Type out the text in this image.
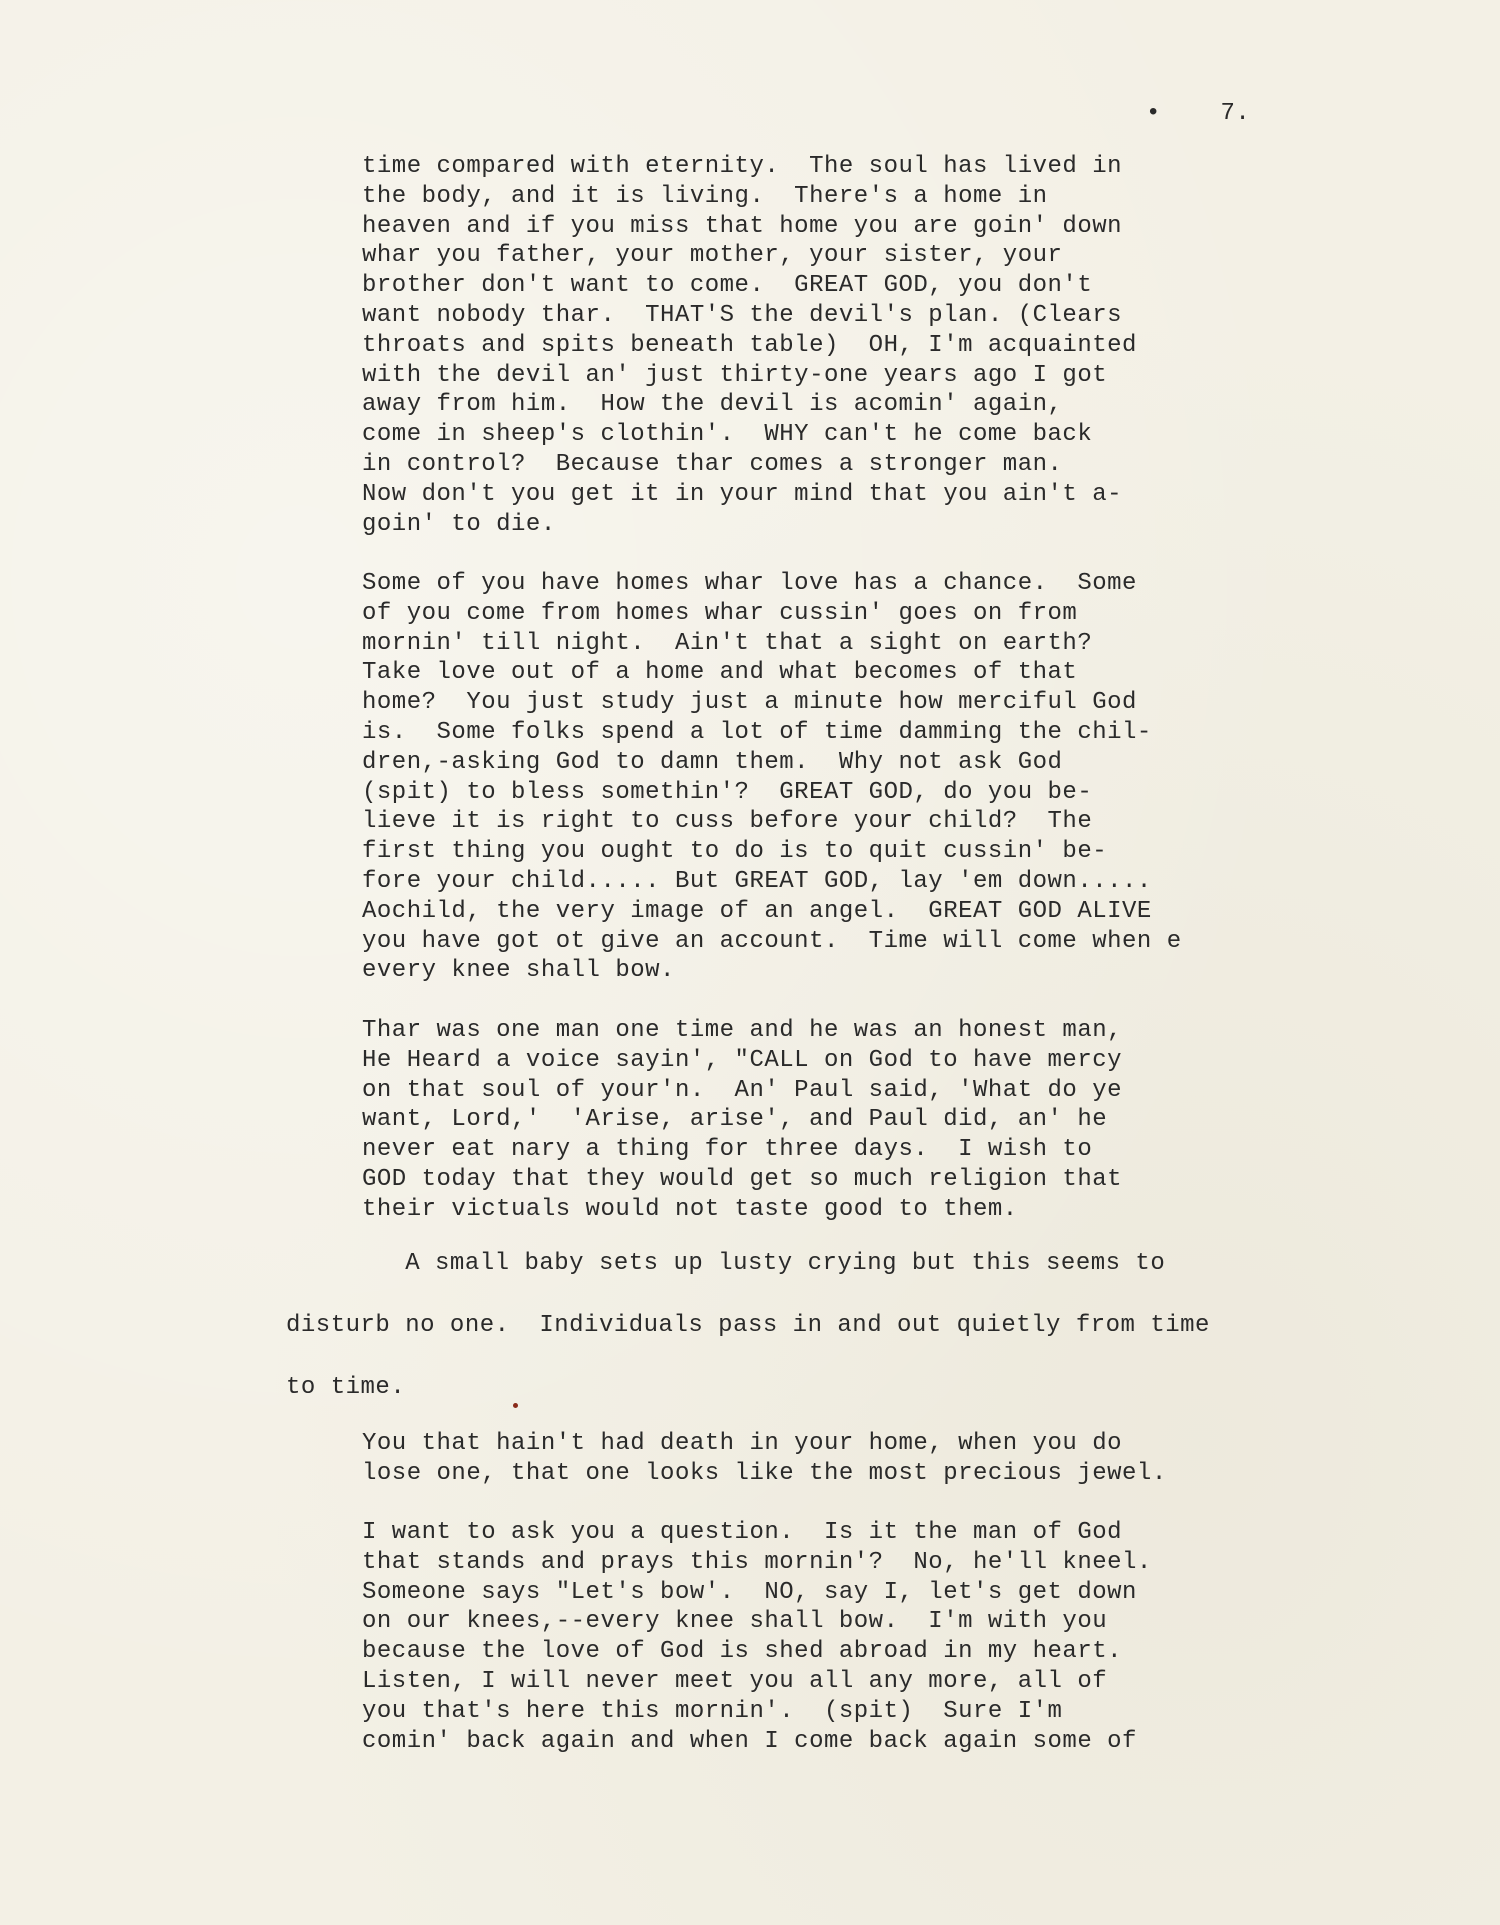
•    7.
time compared with eternity.  The soul has lived in
the body, and it is living.  There's a home in
heaven and if you miss that home you are goin' down
whar you father, your mother, your sister, your
brother don't want to come.  GREAT GOD, you don't
want nobody thar.  THAT'S the devil's plan. (Clears
throats and spits beneath table)  OH, I'm acquainted
with the devil an' just thirty-one years ago I got
away from him.  How the devil is acomin' again,
come in sheep's clothin'.  WHY can't he come back
in control?  Because thar comes a stronger man.
Now don't you get it in your mind that you ain't a-
goin' to die.
Some of you have homes whar love has a chance.  Some
of you come from homes whar cussin' goes on from
mornin' till night.  Ain't that a sight on earth?
Take love out of a home and what becomes of that
home?  You just study just a minute how merciful God
is.  Some folks spend a lot of time damming the chil-
dren,-asking God to damn them.  Why not ask God
(spit) to bless somethin'?  GREAT GOD, do you be-
lieve it is right to cuss before your child?  The
first thing you ought to do is to quit cussin' be-
fore your child..... But GREAT GOD, lay 'em down.....
Aochild, the very image of an angel.  GREAT GOD ALIVE
you have got ot give an account.  Time will come when e
every knee shall bow.
Thar was one man one time and he was an honest man,
He Heard a voice sayin', "CALL on God to have mercy
on that soul of your'n.  An' Paul said, 'What do ye
want, Lord,'  'Arise, arise', and Paul did, an' he
never eat nary a thing for three days.  I wish to
GOD today that they would get so much religion that
their victuals would not taste good to them.
A small baby sets up lusty crying but this seems to
disturb no one.  Individuals pass in and out quietly from time
to time.
You that hain't had death in your home, when you do
lose one, that one looks like the most precious jewel.
I want to ask you a question.  Is it the man of God
that stands and prays this mornin'?  No, he'll kneel.
Someone says "Let's bow'.  NO, say I, let's get down
on our knees,--every knee shall bow.  I'm with you
because the love of God is shed abroad in my heart.
Listen, I will never meet you all any more, all of
you that's here this mornin'.  (spit)  Sure I'm
comin' back again and when I come back again some of
